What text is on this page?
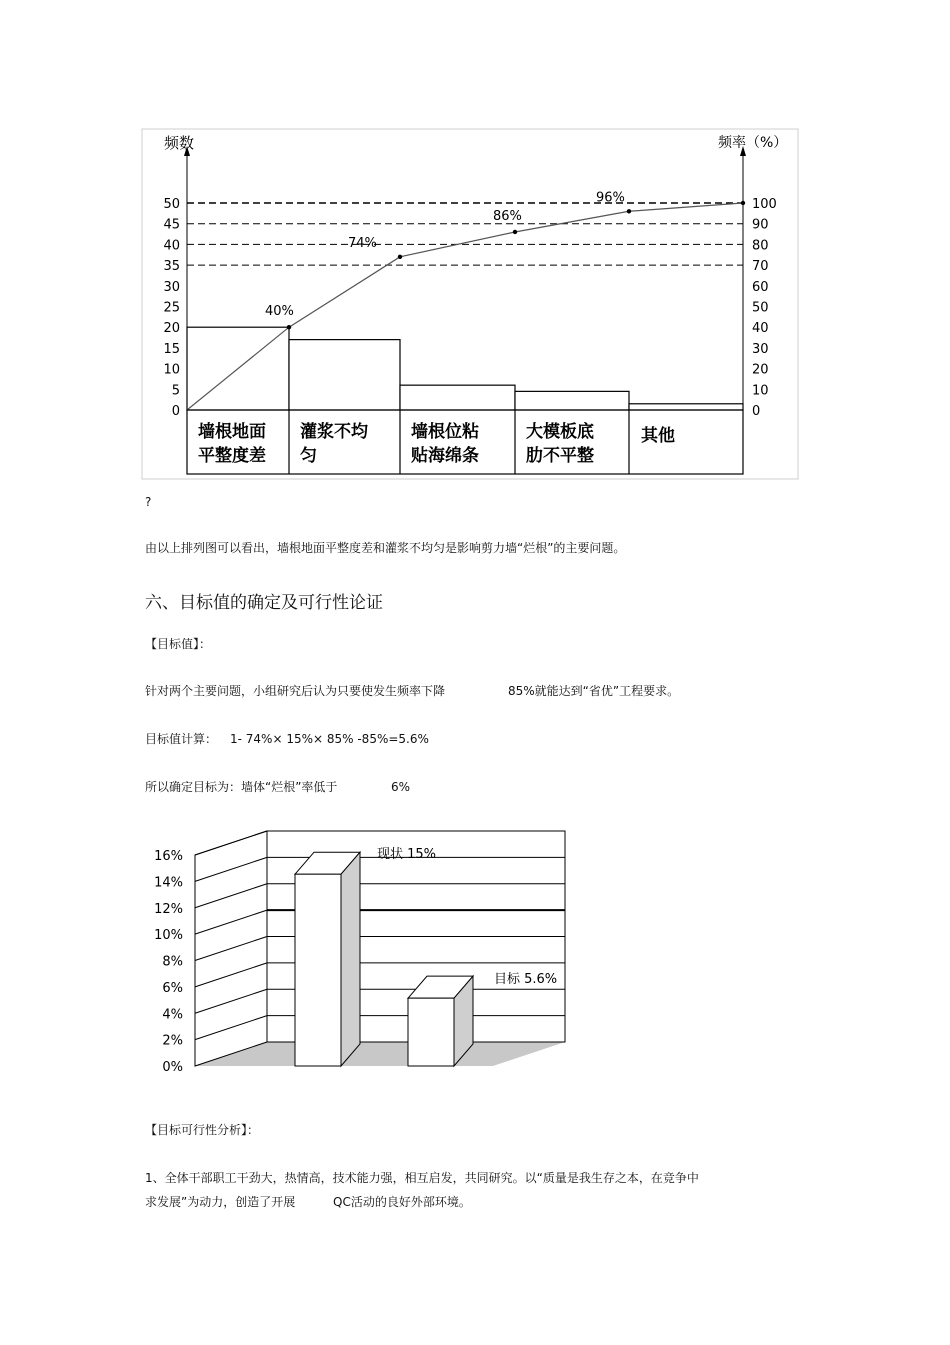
频数	频率（%）
50
45
40
35
30
25
20
15
10
5
0
100
90
80
70
60
50
40
30
20
10
0
40%
74%
86%
96%
墙根地面
平整度差
灌浆不均
匀
墙根位粘
贴海绵条
大模板底
肋不平整
其他
?
由以上排列图可以看出，墙根地面平整度差和灌浆不均匀是影响剪力墙“烂根”的主要问题。
六、目标值的确定及可行性论证
【目标值】：
针对两个主要问题，小组研究后认为只要使发生频率下降	85%就能达到“省优”工程要求。
目标值计算： 1- 74%× 15%× 85% -85%=5.6%
所以确定目标为：墙体“烂根”率低于	6%
16%
14%
12%
10%
8%
6%
4%
2%
0%
现状 15%
目标 5.6%
【目标可行性分析】：
1、全体干部职工干劲大，热情高，技术能力强，相互启发，共同研究。以“质量是我生存之本，在竞争中
求发展”为动力，创造了开展	QC活动的良好外部环境。
